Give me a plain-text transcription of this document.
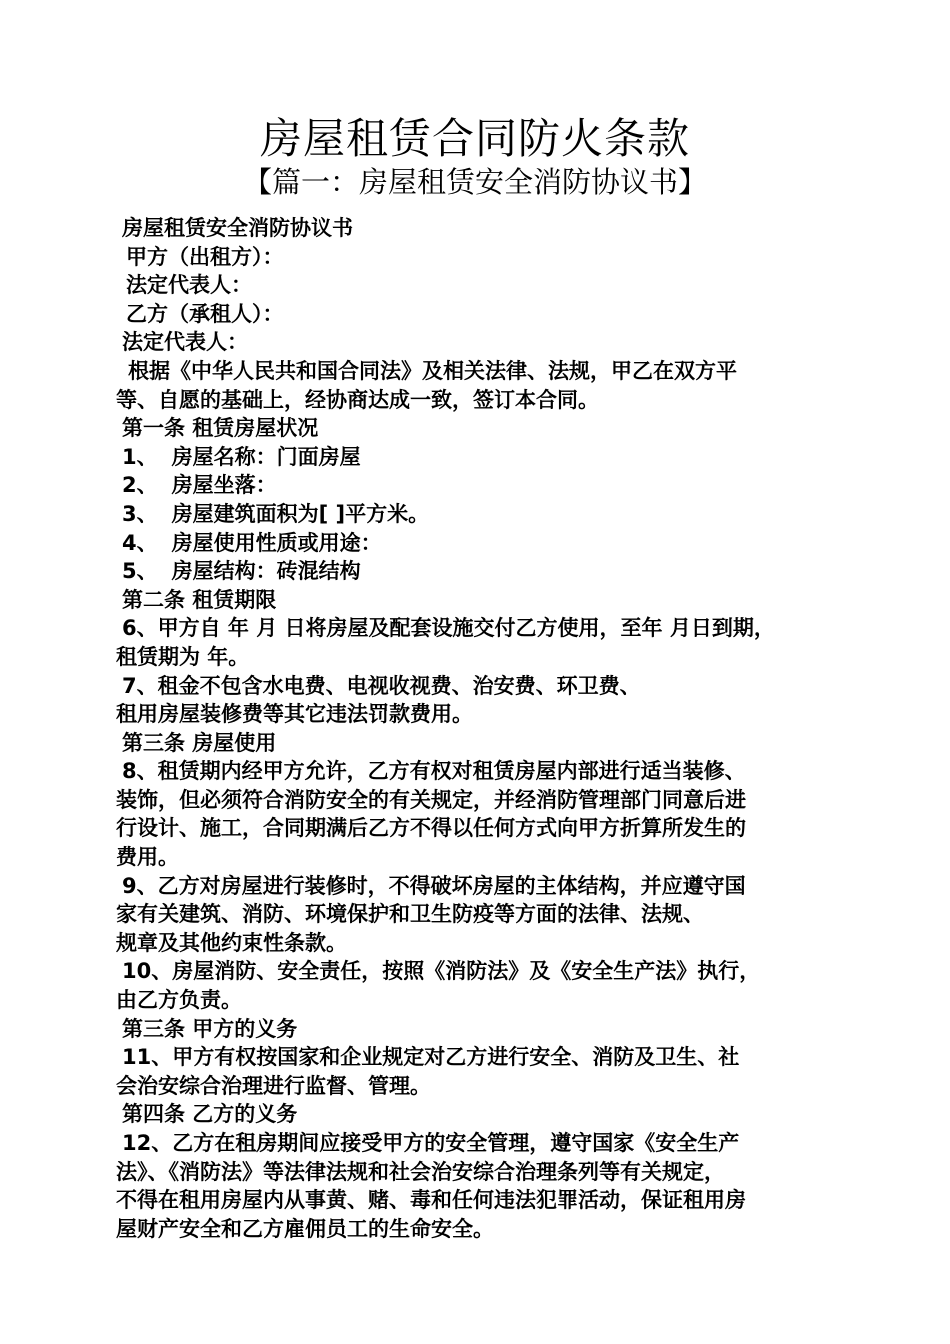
房屋租赁合同防火条款
【篇一：房屋租赁安全消防协议书】
房屋租赁安全消防协议书
甲方（出租方）：
法定代表人：
乙方（承租人）：
法定代表人：
根据《中华人民共和国合同法》及相关法律、法规，甲乙在双方平
等、自愿的基础上，经协商达成一致，签订本合同。
第一条 租赁房屋状况
1、 房屋名称：门面房屋
2、 房屋坐落：
3、 房屋建筑面积为[ ]平方米。
4、 房屋使用性质或用途：
5、 房屋结构：砖混结构
第二条 租赁期限
6、甲方自 年 月 日将房屋及配套设施交付乙方使用，至年 月日到期，
租赁期为 年。
7、租金不包含水电费、电视收视费、治安费、环卫费、
租用房屋装修费等其它违法罚款费用。
第三条 房屋使用
8、租赁期内经甲方允许，乙方有权对租赁房屋内部进行适当装修、
装饰，但必须符合消防安全的有关规定，并经消防管理部门同意后进
行设计、施工，合同期满后乙方不得以任何方式向甲方折算所发生的
费用。
9、乙方对房屋进行装修时，不得破坏房屋的主体结构，并应遵守国
家有关建筑、消防、环境保护和卫生防疫等方面的法律、法规、
规章及其他约束性条款。
10、房屋消防、安全责任，按照《消防法》及《安全生产法》执行，
由乙方负责。
第三条 甲方的义务
11、甲方有权按国家和企业规定对乙方进行安全、消防及卫生、社
会治安综合治理进行监督、管理。
第四条 乙方的义务
12、乙方在租房期间应接受甲方的安全管理，遵守国家《安全生产
法》、《消防法》等法律法规和社会治安综合治理条列等有关规定，
不得在租用房屋内从事黄、赌、毒和任何违法犯罪活动，保证租用房
屋财产安全和乙方雇佣员工的生命安全。
